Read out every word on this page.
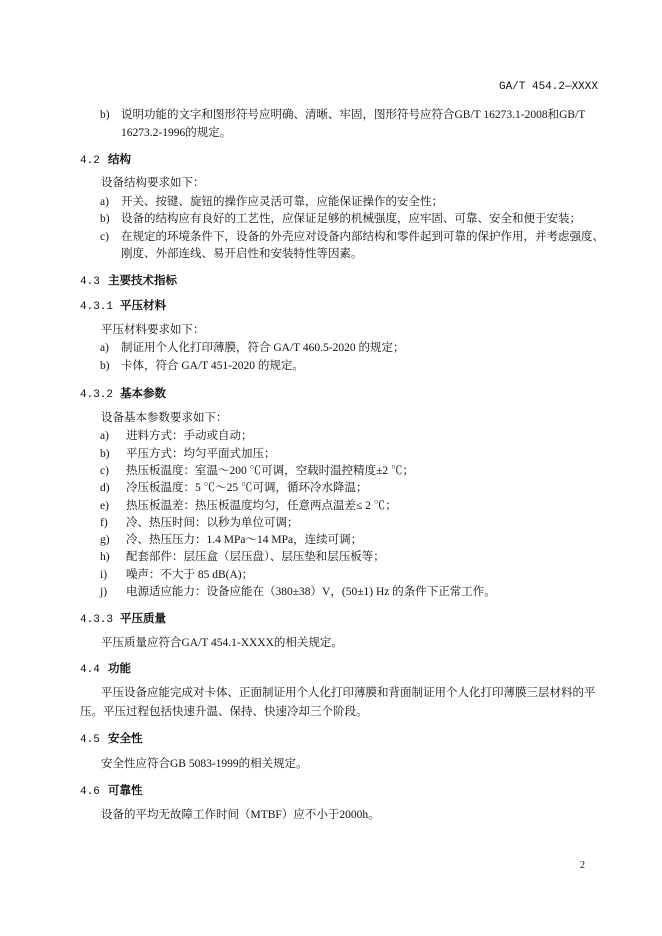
GA/T 454.2—XXXX
b) 说明功能的文字和图形符号应明确、清晰、牢固，图形符号应符合GB/T 16273.1-2008和GB/T
16273.2-1996的规定。
4.2 结构
设备结构要求如下：
a) 开关、按键、旋钮的操作应灵活可靠，应能保证操作的安全性；
b) 设备的结构应有良好的工艺性，应保证足够的机械强度，应牢固、可靠、安全和便于安装；
c) 在规定的环境条件下，设备的外壳应对设备内部结构和零件起到可靠的保护作用，并考虑强度、
刚度、外部连线、易开启性和安装特性等因素。
4.3 主要技术指标
4.3.1 平压材料
平压材料要求如下：
a) 制证用个人化打印薄膜，符合 GA/T 460.5-2020 的规定；
b) 卡体，符合 GA/T 451-2020 的规定。
4.3.2 基本参数
设备基本参数要求如下：
a) 进料方式：手动或自动；
b) 平压方式：均匀平面式加压；
c) 热压板温度：室温～200 ℃可调，空载时温控精度±2 ℃；
d) 冷压板温度：5 ℃～25 ℃可调，循环冷水降温；
e) 热压板温差：热压板温度均匀，任意两点温差≤ 2 ℃；
f) 冷、热压时间：以秒为单位可调；
g) 冷、热压压力：1.4 MPa～14 MPa，连续可调；
h) 配套部件：层压盒（层压盘）、层压垫和层压板等；
i) 噪声：不大于 85 dB(A)；
j) 电源适应能力：设备应能在（380±38）V，(50±1) Hz 的条件下正常工作。
4.3.3 平压质量
平压质量应符合GA/T 454.1-XXXX的相关规定。
4.4 功能
平压设备应能完成对卡体、正面制证用个人化打印薄膜和背面制证用个人化打印薄膜三层材料的平
压。平压过程包括快速升温、保持、快速冷却三个阶段。
4.5 安全性
安全性应符合GB 5083-1999的相关规定。
4.6 可靠性
设备的平均无故障工作时间（MTBF）应不小于2000h。
2
